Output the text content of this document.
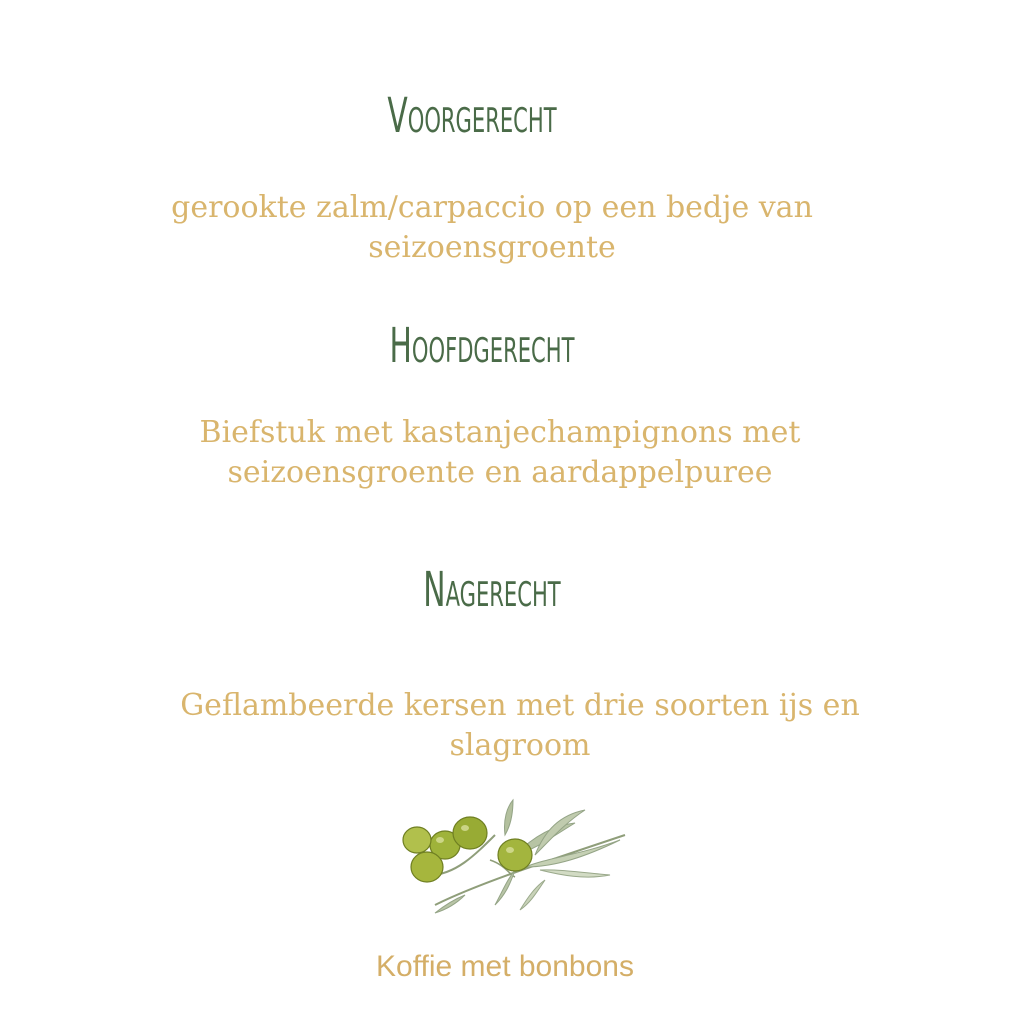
Voorgerecht
gerookte zalm/carpaccio op een bedje van
seizoensgroente
Hoofdgerecht
Biefstuk met kastanjechampignons met
seizoensgroente en aardappelpuree
Nagerecht
Geflambeerde kersen met drie soorten ijs en
slagroom
Koffie met bonbons
